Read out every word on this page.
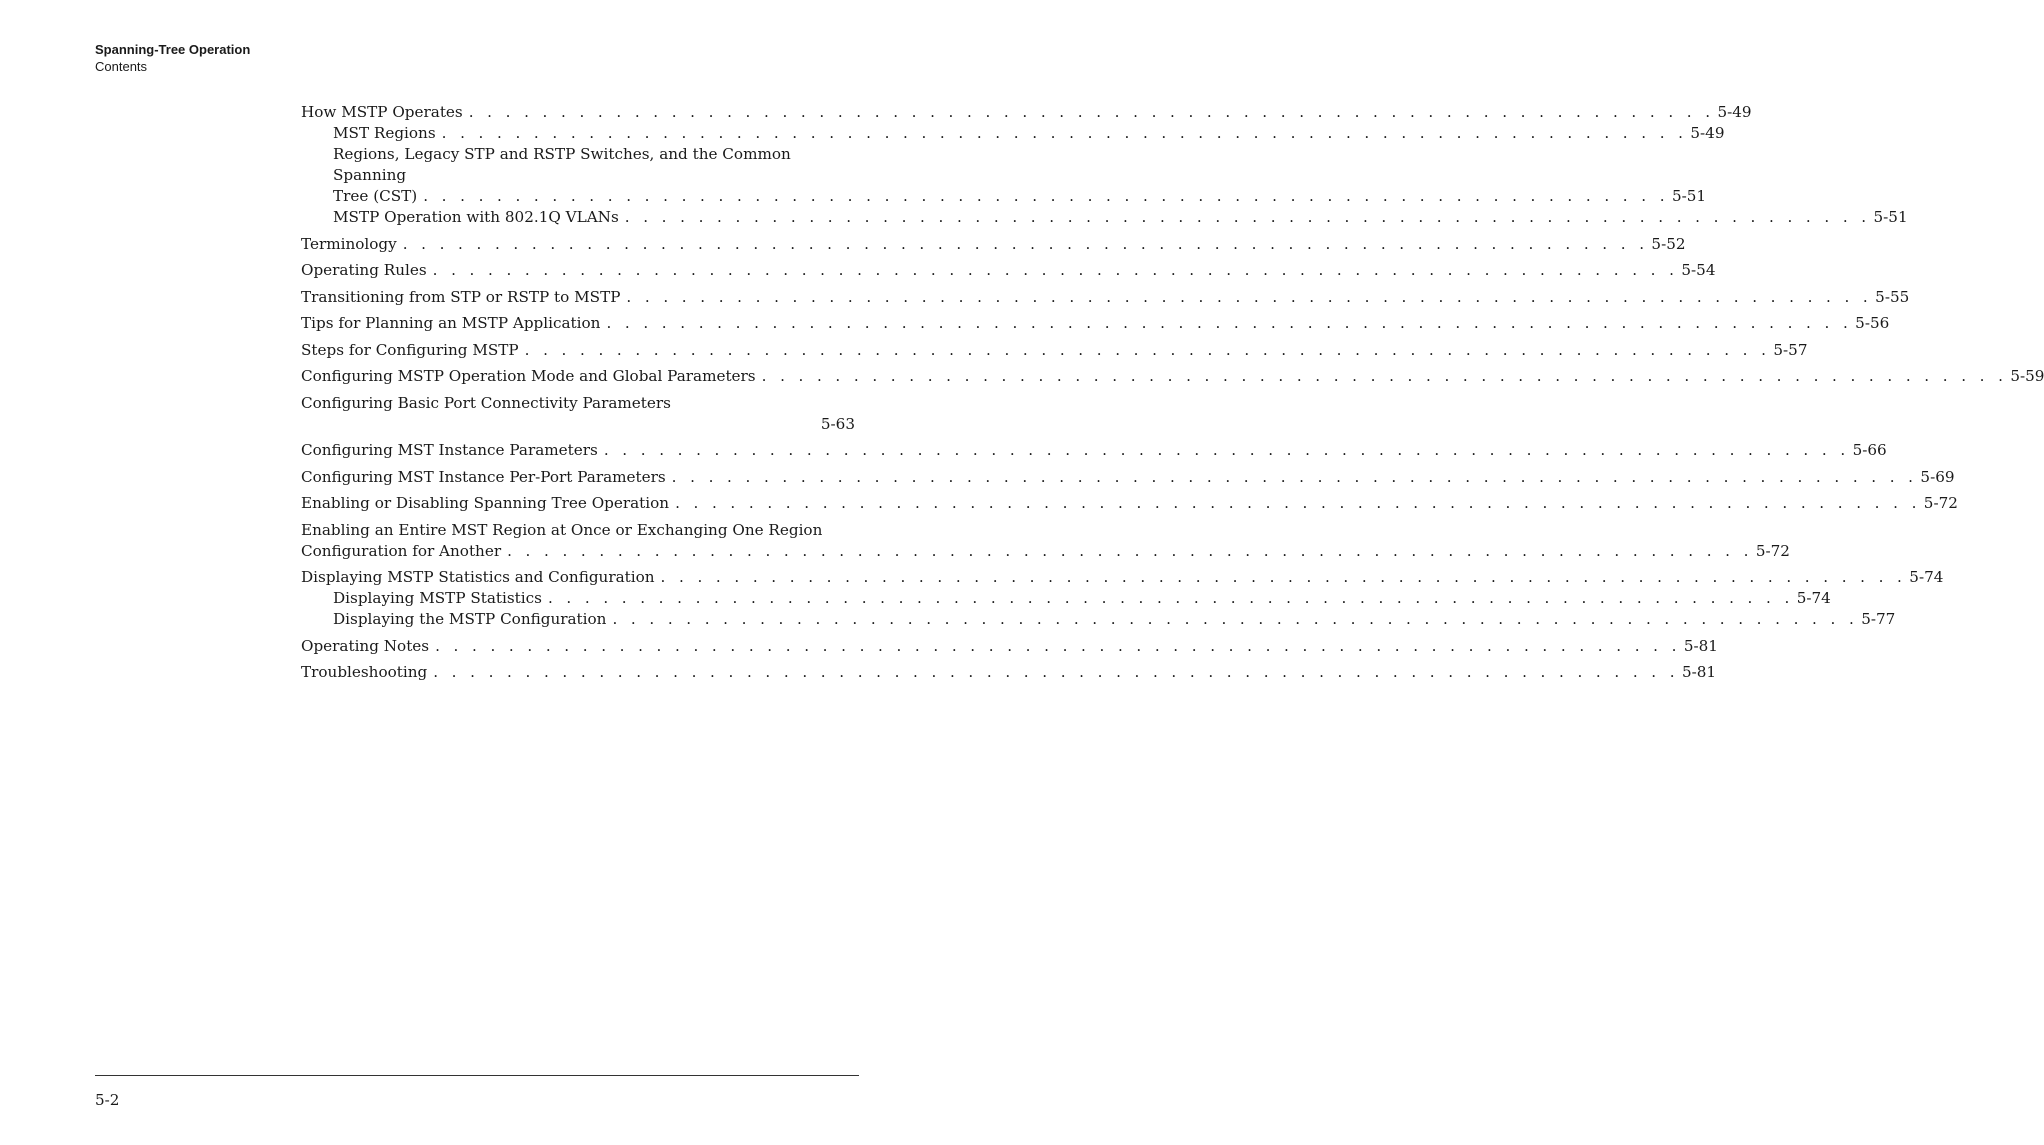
Spanning-Tree Operation
Contents
How MSTP Operates . . . . . . . . . . . . . . . . . . . . . . . . . . . . . . . . . . . . . . . . . . . . . . . . . . . . . . . . . . . . . . . . . . . . 5-49
MST Regions . . . . . . . . . . . . . . . . . . . . . . . . . . . . . . . . . . . . . . . . . . . . . . . . . . . . . . . . . . . . . . . . . . . . 5-49
Regions, Legacy STP and RSTP Switches, and the Common Spanning
Tree (CST) . . . . . . . . . . . . . . . . . . . . . . . . . . . . . . . . . . . . . . . . . . . . . . . . . . . . . . . . . . . . . . . . . . . . 5-51
MSTP Operation with 802.1Q VLANs . . . . . . . . . . . . . . . . . . . . . . . . . . . . . . . . . . . . . . . . . . . . . . . . . . . . . . . . . . . . . . . . . . . . 5-51
Terminology . . . . . . . . . . . . . . . . . . . . . . . . . . . . . . . . . . . . . . . . . . . . . . . . . . . . . . . . . . . . . . . . . . . . 5-52
Operating Rules . . . . . . . . . . . . . . . . . . . . . . . . . . . . . . . . . . . . . . . . . . . . . . . . . . . . . . . . . . . . . . . . . . . . 5-54
Transitioning from STP or RSTP to MSTP . . . . . . . . . . . . . . . . . . . . . . . . . . . . . . . . . . . . . . . . . . . . . . . . . . . . . . . . . . . . . . . . . . . . 5-55
Tips for Planning an MSTP Application . . . . . . . . . . . . . . . . . . . . . . . . . . . . . . . . . . . . . . . . . . . . . . . . . . . . . . . . . . . . . . . . . . . . 5-56
Steps for Configuring MSTP . . . . . . . . . . . . . . . . . . . . . . . . . . . . . . . . . . . . . . . . . . . . . . . . . . . . . . . . . . . . . . . . . . . . 5-57
Configuring MSTP Operation Mode and Global Parameters . . . . . . . . . . . . . . . . . . . . . . . . . . . . . . . . . . . . . . . . . . . . . . . . . . . . . . . . . . . . . . . . . . . . 5-59
Configuring Basic Port Connectivity Parameters
5-63
Configuring MST Instance Parameters . . . . . . . . . . . . . . . . . . . . . . . . . . . . . . . . . . . . . . . . . . . . . . . . . . . . . . . . . . . . . . . . . . . . 5-66
Configuring MST Instance Per-Port Parameters . . . . . . . . . . . . . . . . . . . . . . . . . . . . . . . . . . . . . . . . . . . . . . . . . . . . . . . . . . . . . . . . . . . . 5-69
Enabling or Disabling Spanning Tree Operation . . . . . . . . . . . . . . . . . . . . . . . . . . . . . . . . . . . . . . . . . . . . . . . . . . . . . . . . . . . . . . . . . . . . 5-72
Enabling an Entire MST Region at Once or Exchanging One Region
Configuration for Another . . . . . . . . . . . . . . . . . . . . . . . . . . . . . . . . . . . . . . . . . . . . . . . . . . . . . . . . . . . . . . . . . . . . 5-72
Displaying MSTP Statistics and Configuration . . . . . . . . . . . . . . . . . . . . . . . . . . . . . . . . . . . . . . . . . . . . . . . . . . . . . . . . . . . . . . . . . . . . 5-74
Displaying MSTP Statistics . . . . . . . . . . . . . . . . . . . . . . . . . . . . . . . . . . . . . . . . . . . . . . . . . . . . . . . . . . . . . . . . . . . . 5-74
Displaying the MSTP Configuration . . . . . . . . . . . . . . . . . . . . . . . . . . . . . . . . . . . . . . . . . . . . . . . . . . . . . . . . . . . . . . . . . . . . 5-77
Operating Notes . . . . . . . . . . . . . . . . . . . . . . . . . . . . . . . . . . . . . . . . . . . . . . . . . . . . . . . . . . . . . . . . . . . . 5-81
Troubleshooting . . . . . . . . . . . . . . . . . . . . . . . . . . . . . . . . . . . . . . . . . . . . . . . . . . . . . . . . . . . . . . . . . . . . 5-81
5-2
